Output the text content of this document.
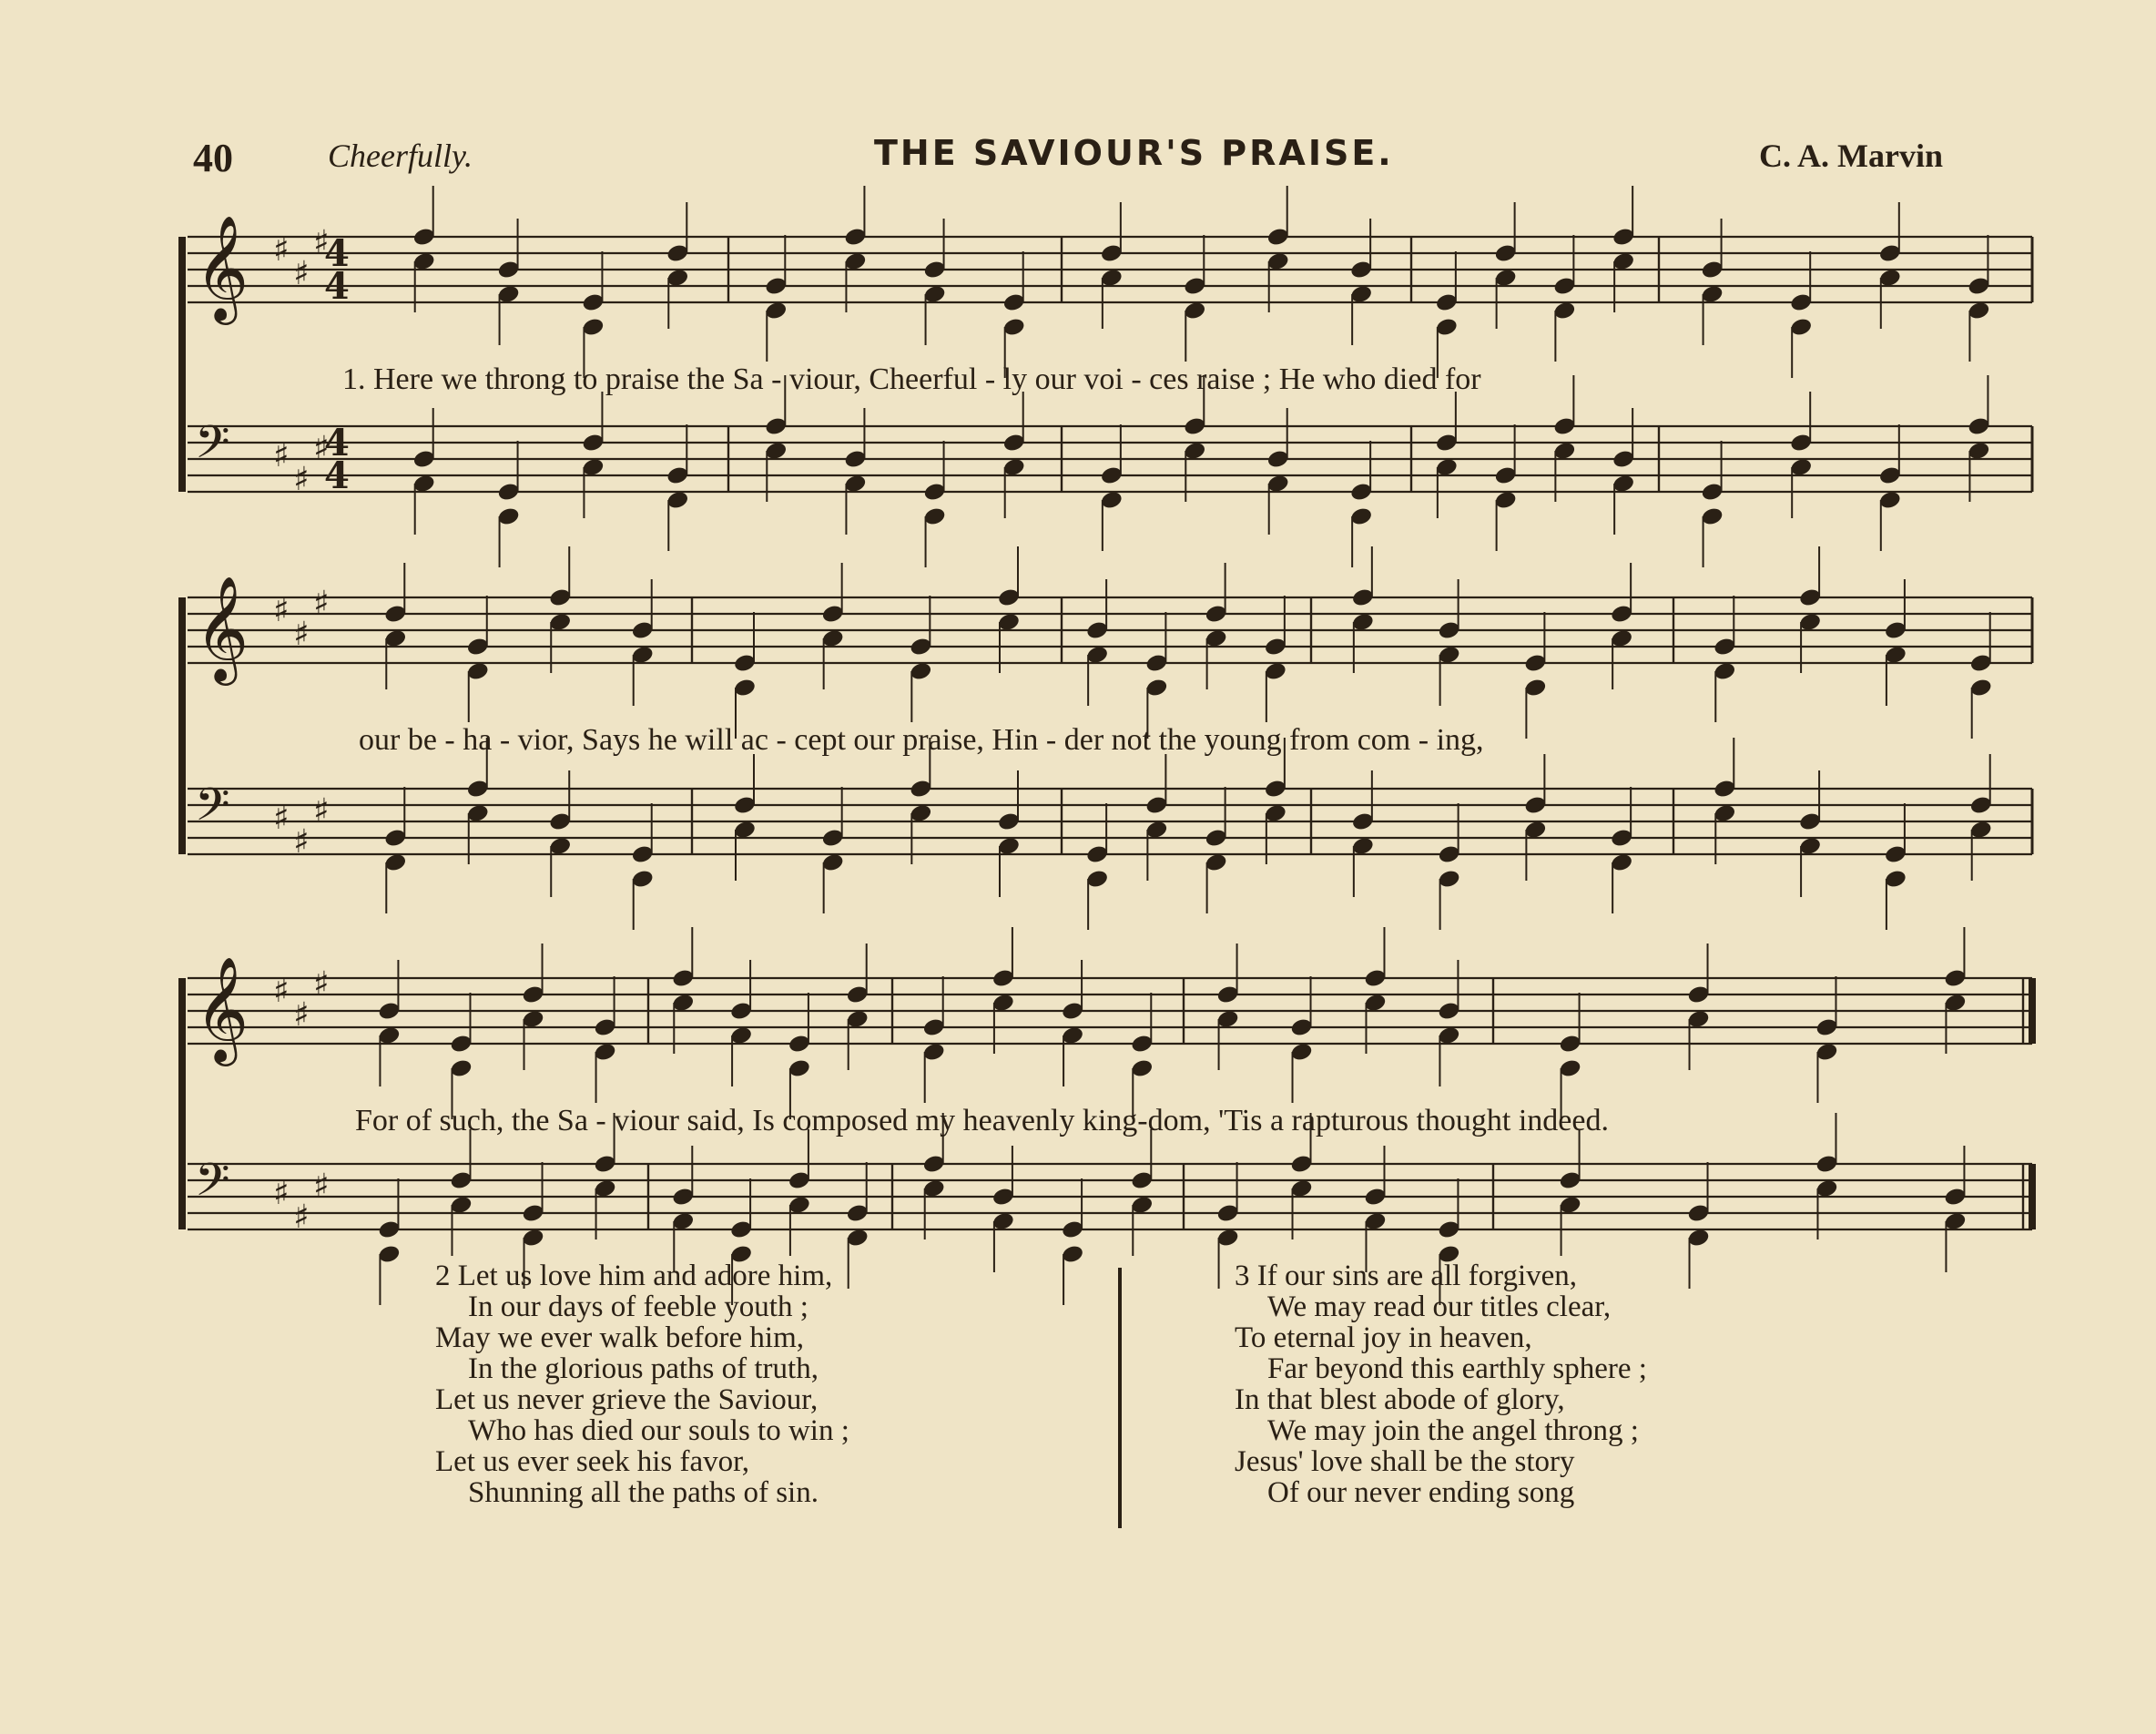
40	Cheerfully.	THE SAVIOUR'S PRAISE.	C. A. Marvin
𝄞 ♯
♯
♯
4
4
𝄢 ♯
♯
♯
4
4
𝄞 ♯
♯
♯
𝄢 ♯
♯
♯
𝄞 ♯
♯
♯
𝄢 ♯
♯
♯
1. Here we throng to praise the Sa - viour, Cheerful - ly our voi - ces raise ; He who died for
our be - ha - vior, Says he will ac - cept our praise, Hin - der not the young from com - ing,
For of such, the Sa - viour said, Is composed my heavenly king-dom, 'Tis a rapturous thought indeed.
2 Let us love him and adore him,
In our days of feeble youth ;
May we ever walk before him,
In the glorious paths of truth,
Let us never grieve the Saviour,
Who has died our souls to win ;
Let us ever seek his favor,
Shunning all the paths of sin.
3 If our sins are all forgiven,
We may read our titles clear,
To eternal joy in heaven,
Far beyond this earthly sphere ;
In that blest abode of glory,
We may join the angel throng ;
Jesus' love shall be the story
Of our never ending song
